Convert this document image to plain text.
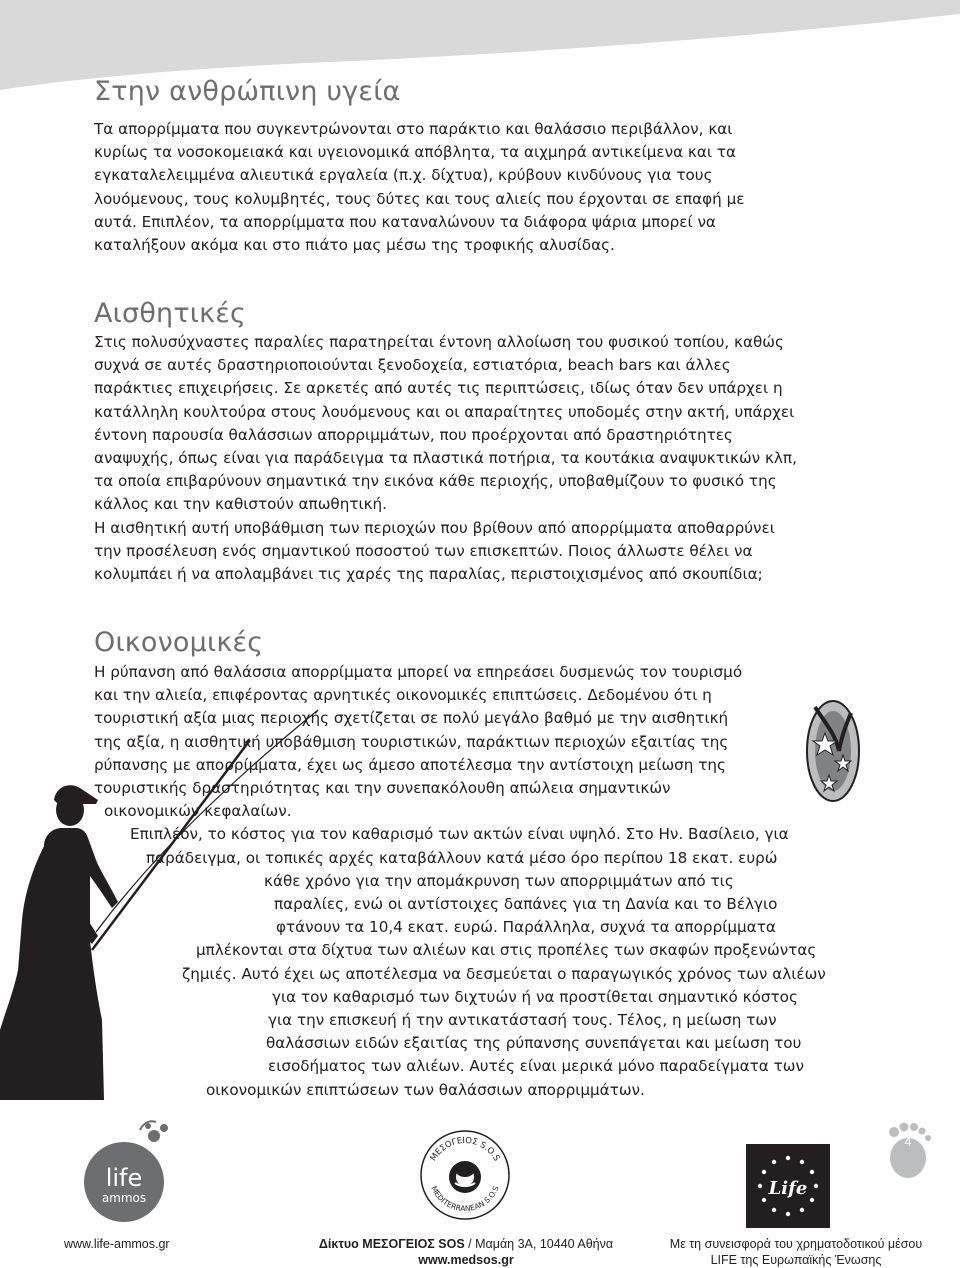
Στην ανθρώπινη υγεία
Τα απορρίμματα που συγκεντρώνονται στο παράκτιο και θαλάσσιο περιβάλλον, και
κυρίως τα νοσοκομειακά και υγειονομικά απόβλητα, τα αιχμηρά αντικείμενα και τα
εγκαταλελειμμένα αλιευτικά εργαλεία (π.χ. δίχτυα), κρύβουν κινδύνους για τους
λουόμενους, τους κολυμβητές, τους δύτες και τους αλιείς που έρχονται σε επαφή με
αυτά. Επιπλέον, τα απορρίμματα που καταναλώνουν τα διάφορα ψάρια μπορεί να
καταλήξουν ακόμα και στο πιάτο μας μέσω της τροφικής αλυσίδας.
Αισθητικές
Στις πολυσύχναστες παραλίες παρατηρείται έντονη αλλοίωση του φυσικού τοπίου, καθώς
συχνά σε αυτές δραστηριοποιούνται ξενοδοχεία, εστιατόρια, beach bars και άλλες
παράκτιες επιχειρήσεις. Σε αρκετές από αυτές τις περιπτώσεις, ιδίως όταν δεν υπάρχει η
κατάλληλη κουλτούρα στους λουόμενους και οι απαραίτητες υποδομές στην ακτή, υπάρχει
έντονη παρουσία θαλάσσιων απορριμμάτων, που προέρχονται από δραστηριότητες
αναψυχής, όπως είναι για παράδειγμα τα πλαστικά ποτήρια, τα κουτάκια αναψυκτικών κλπ,
τα οποία επιβαρύνουν σημαντικά την εικόνα κάθε περιοχής, υποβαθμίζουν το φυσικό της
κάλλος και την καθιστούν απωθητική.
Η αισθητική αυτή υποβάθμιση των περιοχών που βρίθουν από απορρίμματα αποθαρρύνει
την προσέλευση ενός σημαντικού ποσοστού των επισκεπτών. Ποιος άλλωστε θέλει να
κολυμπάει ή να απολαμβάνει τις χαρές της παραλίας, περιστοιχισμένος από σκουπίδια;
Οικονομικές
Η ρύπανση από θαλάσσια απορρίμματα μπορεί να επηρεάσει δυσμενώς τον τουρισμό
και την αλιεία, επιφέροντας αρνητικές οικονομικές επιπτώσεις. Δεδομένου ότι η
τουριστική αξία μιας περιοχής σχετίζεται σε πολύ μεγάλο βαθμό με την αισθητική
της αξία, η αισθητική υποβάθμιση τουριστικών, παράκτιων περιοχών εξαιτίας της
ρύπανσης με απορρίμματα, έχει ως άμεσο αποτέλεσμα την αντίστοιχη μείωση της
τουριστικής δραστηριότητας και την συνεπακόλουθη απώλεια σημαντικών
οικονομικών κεφαλαίων.
Επιπλέον, το κόστος για τον καθαρισμό των ακτών είναι υψηλό. Στο Ην. Βασίλειο, για
παράδειγμα, οι τοπικές αρχές καταβάλλουν κατά μέσο όρο περίπου 18 εκατ. ευρώ
κάθε χρόνο για την απομάκρυνση των απορριμμάτων από τις
παραλίες, ενώ οι αντίστοιχες δαπάνες για τη Δανία και το Βέλγιο
φτάνουν τα 10,4 εκατ. ευρώ. Παράλληλα, συχνά τα απορρίμματα
μπλέκονται στα δίχτυα των αλιέων και στις προπέλες των σκαφών προξενώντας
ζημιές. Αυτό έχει ως αποτέλεσμα να δεσμεύεται ο παραγωγικός χρόνος των αλιέων
για τον καθαρισμό των διχτυών ή να προστίθεται σημαντικό κόστος
για την επισκευή ή την αντικατάστασή τους. Τέλος, η μείωση των
θαλάσσιων ειδών εξαιτίας της ρύπανσης συνεπάγεται και μείωση του
εισοδήματος των αλιέων. Αυτές είναι μερικά μόνο παραδείγματα των
οικονομικών επιπτώσεων των θαλάσσιων απορριμμάτων.
life
ammos
ΜΕΣΟΓΕΙΟΣ S.O.S
MEDITERRANEAN S.O.S	Life
4
www.life-ammos.gr	Δίκτυο ΜΕΣΟΓΕΙΟΣ SOS / Μαμάη 3Α, 10440 Αθήνα
www.medsos.gr
Με τη συνεισφορά του χρηματοδοτικού μέσου
LIFE της Ευρωπαϊκής Ένωσης
